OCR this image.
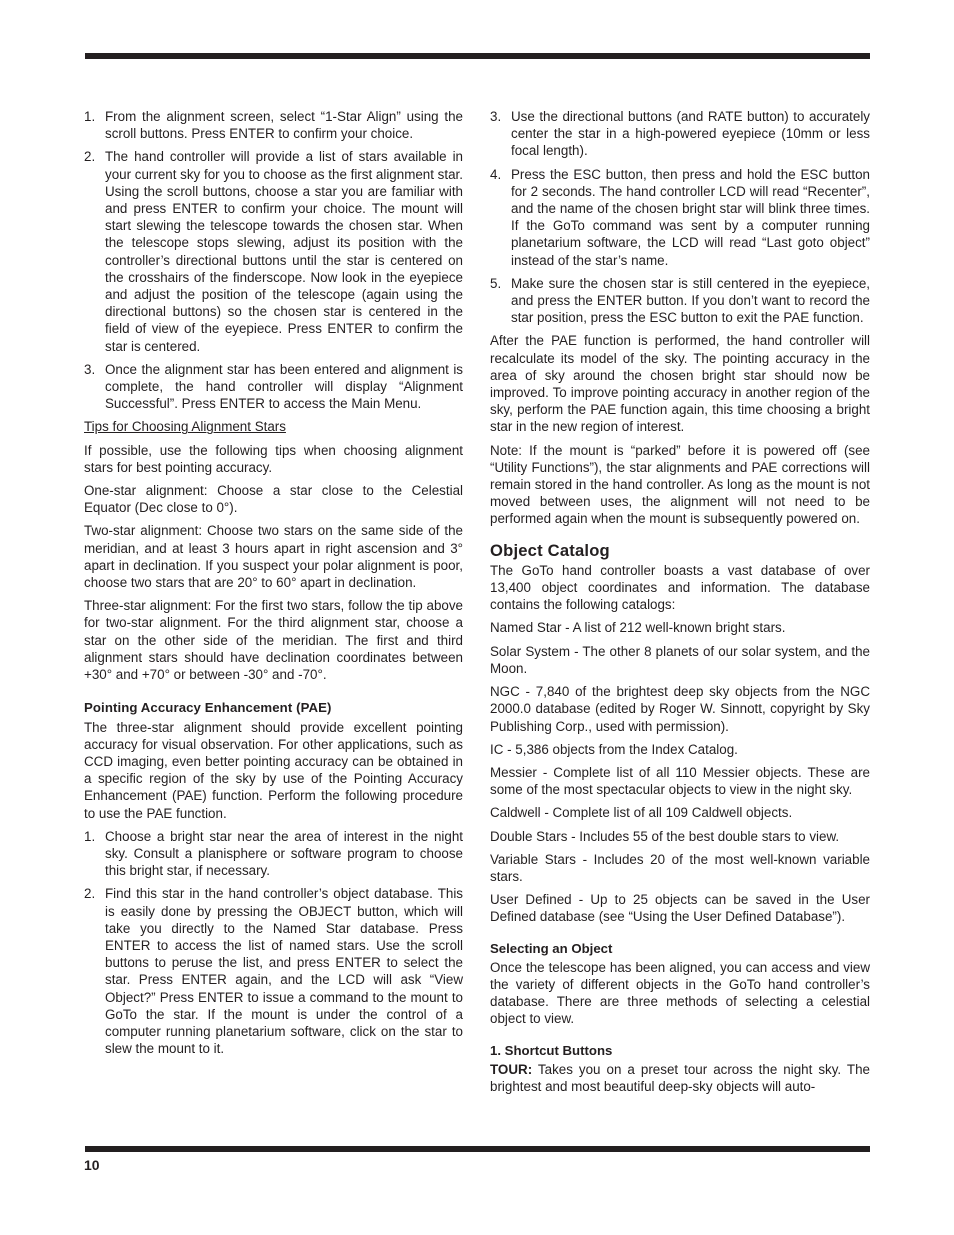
1. From the alignment screen, select “1-Star Align” using the scroll buttons. Press ENTER to confirm your choice.
2. The hand controller will provide a list of stars available in your current sky for you to choose as the first alignment star. Using the scroll buttons, choose a star you are familiar with and press ENTER to confirm your choice. The mount will start slewing the telescope towards the chosen star. When the telescope stops slewing, adjust its position with the controller’s directional buttons until the star is centered on the crosshairs of the finderscope. Now look in the eyepiece and adjust the position of the telescope (again using the directional buttons) so the chosen star is centered in the field of view of the eyepiece. Press ENTER to confirm the star is centered.
3. Once the alignment star has been entered and alignment is complete, the hand controller will display “Alignment Successful”. Press ENTER to access the Main Menu.

Tips for Choosing Alignment Stars

If possible, use the following tips when choosing alignment stars for best pointing accuracy.

One-star alignment: Choose a star close to the Celestial Equator (Dec close to 0°).

Two-star alignment: Choose two stars on the same side of the meridian, and at least 3 hours apart in right ascension and 3° apart in declination. If you suspect your polar alignment is poor, choose two stars that are 20° to 60° apart in declination.

Three-star alignment: For the first two stars, follow the tip above for two-star alignment. For the third alignment star, choose a star on the other side of the meridian. The first and third alignment stars should have declination coordinates between +30° and +70° or between -30° and -70°.

Pointing Accuracy Enhancement (PAE)

The three-star alignment should provide excellent pointing accuracy for visual observation. For other applications, such as CCD imaging, even better pointing accuracy can be obtained in a specific region of the sky by use of the Pointing Accuracy Enhancement (PAE) function. Perform the following procedure to use the PAE function.

1. Choose a bright star near the area of interest in the night sky. Consult a planisphere or software program to choose this bright star, if necessary.
2. Find this star in the hand controller’s object database. This is easily done by pressing the OBJECT button, which will take you directly to the Named Star database. Press ENTER to access the list of named stars. Use the scroll buttons to peruse the list, and press ENTER to select the star. Press ENTER again, and the LCD will ask “View Object?” Press ENTER to issue a command to the mount to GoTo the star. If the mount is under the control of a computer running planetarium software, click on the star to slew the mount to it.
3. Use the directional buttons (and RATE button) to accurately center the star in a high-powered eyepiece (10mm or less focal length).
4. Press the ESC button, then press and hold the ESC button for 2 seconds. The hand controller LCD will read “Recenter”, and the name of the chosen bright star will blink three times. If the GoTo command was sent by a computer running planetarium software, the LCD will read “Last goto object” instead of the star’s name.
5. Make sure the chosen star is still centered in the eyepiece, and press the ENTER button. If you don’t want to record the star position, press the ESC button to exit the PAE function.

After the PAE function is performed, the hand controller will recalculate its model of the sky. The pointing accuracy in the area of sky around the chosen bright star should now be improved. To improve pointing accuracy in another region of the sky, perform the PAE function again, this time choosing a bright star in the new region of interest.

Note: If the mount is “parked” before it is powered off (see “Utility Functions”), the star alignments and PAE corrections will remain stored in the hand controller. As long as the mount is not moved between uses, the alignment will not need to be performed again when the mount is subsequently powered on.

Object Catalog

The GoTo hand controller boasts a vast database of over 13,400 object coordinates and information. The database contains the following catalogs:

Named Star - A list of 212 well-known bright stars.

Solar System - The other 8 planets of our solar system, and the Moon.

NGC - 7,840 of the brightest deep sky objects from the NGC 2000.0 database (edited by Roger W. Sinnott, copyright by Sky Publishing Corp., used with permission).

IC - 5,386 objects from the Index Catalog.

Messier - Complete list of all 110 Messier objects. These are some of the most spectacular objects to view in the night sky.

Caldwell - Complete list of all 109 Caldwell objects.

Double Stars - Includes 55 of the best double stars to view.

Variable Stars - Includes 20 of the most well-known variable stars.

User Defined - Up to 25 objects can be saved in the User Defined database (see “Using the User Defined Database”).

Selecting an Object

Once the telescope has been aligned, you can access and view the variety of different objects in the GoTo hand controller’s database. There are three methods of selecting a celestial object to view.

1. Shortcut Buttons

TOUR: Takes you on a preset tour across the night sky. The brightest and most beautiful deep-sky objects will auto-

10
